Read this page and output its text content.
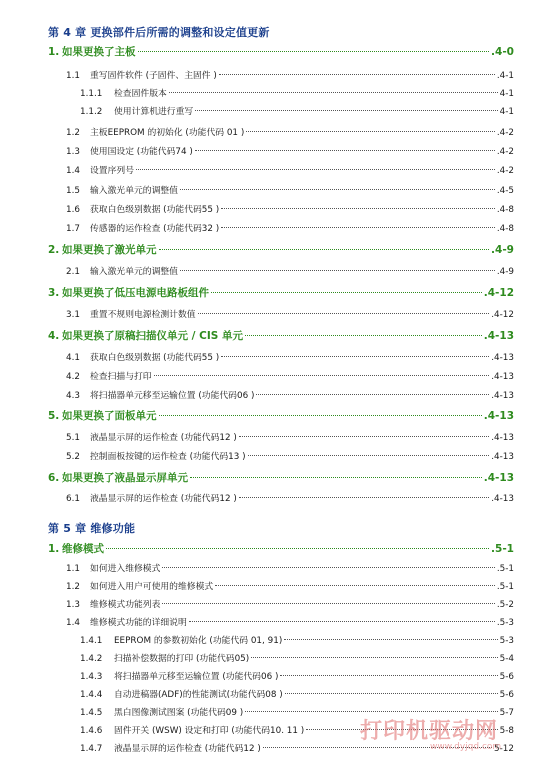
第 4 章 更换部件后所需的调整和设定值更新
1. 如果更换了主板	.4-0
1.1	重写固件软件 (子固件、主固件 )	.4-1
1.1.1	检查固件版本	4-1
1.1.2	使用计算机进行重写	4-1
1.2	主板EEPROM 的初始化 (功能代码 01 )	.4-2
1.3	使用国设定 (功能代码74 )	.4-2
1.4	设置序列号	.4-2
1.5	输入激光单元的调整值	.4-5
1.6	获取白色级别数据 (功能代码55 )	.4-8
1.7	传感器的运作检查 (功能代码32 )	.4-8
2. 如果更换了激光单元	.4-9
2.1	输入激光单元的调整值	.4-9
3. 如果更换了低压电源电路板组件	.4-12
3.1	重置不规则电源检测计数值	.4-12
4. 如果更换了原稿扫描仪单元 / CIS 单元	.4-13
4.1	获取白色级别数据 (功能代码55 )	.4-13
4.2	检查扫描与打印	.4-13
4.3	将扫描器单元移至运输位置 (功能代码06 )	.4-13
5. 如果更换了面板单元	.4-13
5.1	液晶显示屏的运作检查 (功能代码12 )	.4-13
5.2	控制面板按键的运作检查 (功能代码13 )	.4-13
6. 如果更换了液晶显示屏单元	.4-13
6.1	液晶显示屏的运作检查 (功能代码12 )	.4-13
第 5 章 维修功能
1. 维修模式	.5-1
1.1	如何进入维修模式	.5-1
1.2	如何进入用户可使用的维修模式	.5-1
1.3	维修模式功能列表	.5-2
1.4	维修模式功能的详细说明	.5-3
1.4.1	EEPROM 的参数初始化 (功能代码 01, 91)	5-3
1.4.2	扫描补偿数据的打印 (功能代码05)	5-4
1.4.3	将扫描器单元移至运输位置 (功能代码06 )	5-6
1.4.4	自动进稿器(ADF)的性能测试(功能代码08 )	5-6
1.4.5	黑白图像测试图案 (功能代码09 )	5-7
1.4.6	固件开关 (WSW) 设定和打印 (功能代码10. 11 )	5-8
1.4.7	液晶显示屏的运作检查 (功能代码12 )	5-12
打印机驱动网
www.dyjqd.com
